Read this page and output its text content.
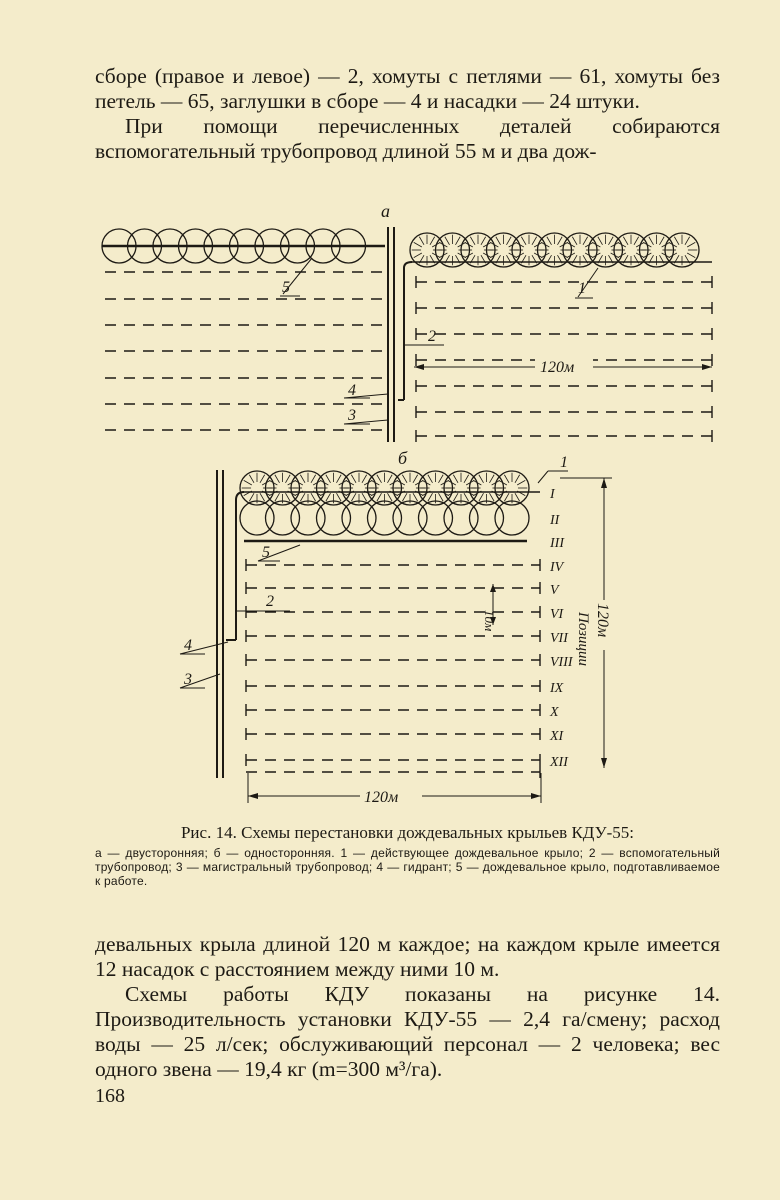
сборе (правое и левое) — 2, хомуты с петлями — 61, хомуты без петель — 65, заглушки в сборе — 4 и насадки — 24 штуки.

При помощи перечисленных деталей собираются вспомогательный трубопровод длиной 55 м и два дож-

а
120м
5	1
2
4
3
б
I
II
III
IV
V
VI
VII
VIII
IX
X
XI
XII
10м	120м
Позиции
120м
1
5
2
4
3
Рис. 14. Схемы перестановки дождевальных крыльев КДУ-55:
а — двусторонняя; б — односторонняя. 1 — действующее дождевальное крыло; 2 — вспомогательный трубопровод; 3 — магистральный трубопровод; 4 — гидрант; 5 — дождевальное крыло, подготавливаемое к работе.

девальных крыла длиной 120 м каждое; на каждом крыле имеется 12 насадок с расстоянием между ними 10 м.

Схемы работы КДУ показаны на рисунке 14. Производительность установки КДУ-55 — 2,4 га/смену; расход воды — 25 л/сек; обслуживающий персонал — 2 человека; вес одного звена — 19,4 кг (m=300 м³/га).

168
